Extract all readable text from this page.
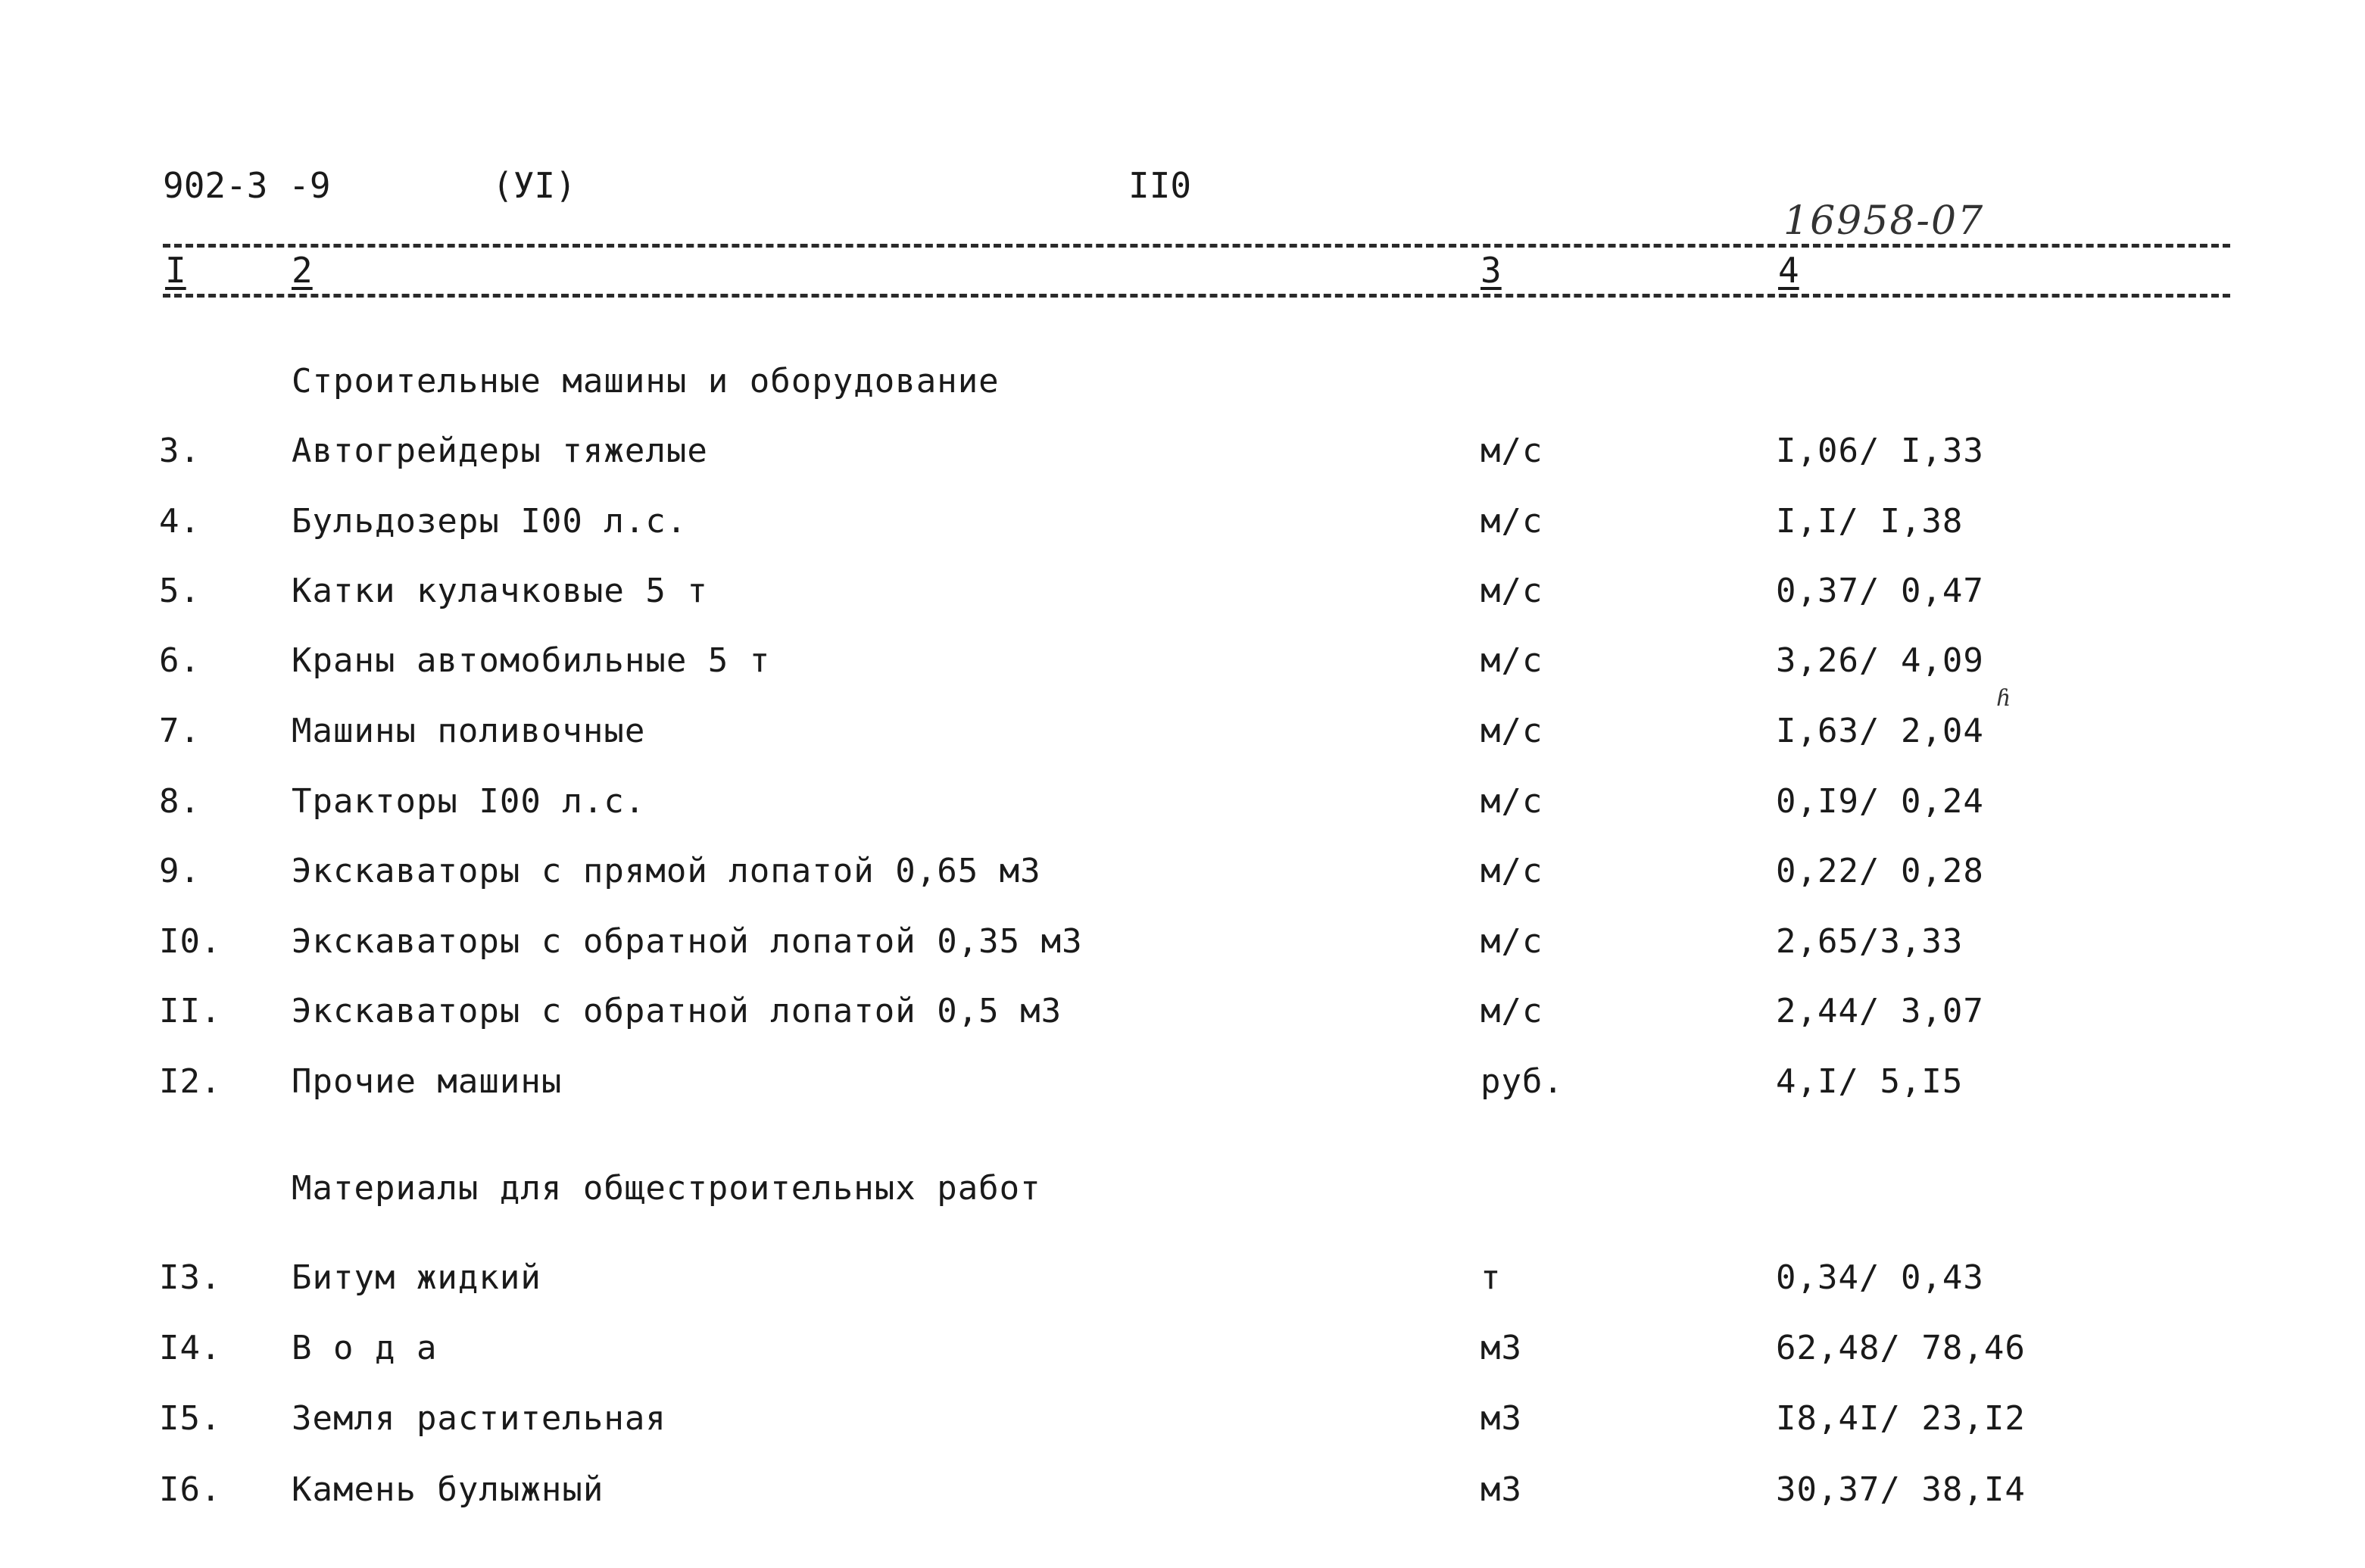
902-3 -9	(УI)	II0
16958-07
I	2	3	4
Строительные машины и оборудование
3.	Автогрейдеры тяжелые	м/с	I,06/ I,33
4.	Бульдозеры I00 л.с.	м/с	I,I/ I,38
5.	Катки кулачковые 5 т	м/с	0,37/ 0,47
6.	Краны автомобильные 5 т	м/с	3,26/ 4,09
7.	Машины поливочные	м/с	I,63/ 2,04
8.	Тракторы I00 л.с.	м/с	0,I9/ 0,24
9.	Экскаваторы с прямой лопатой 0,65 м3	м/с	0,22/ 0,28
I0. Экскаваторы с обратной лопатой 0,35 м3	м/с	2,65/3,33
II. Экскаваторы с обратной лопатой 0,5 м3	м/с	2,44/ 3,07
I2. Прочие машины	руб.	4,I/ 5,I5
Материалы для общестроительных работ
I3. Битум жидкий	т	0,34/ 0,43
I4. В о д а	м3	62,48/ 78,46
I5. Земля растительная	м3	I8,4I/ 23,I2
I6. Камень булыжный	м3	30,37/ 38,I4
ɦ
